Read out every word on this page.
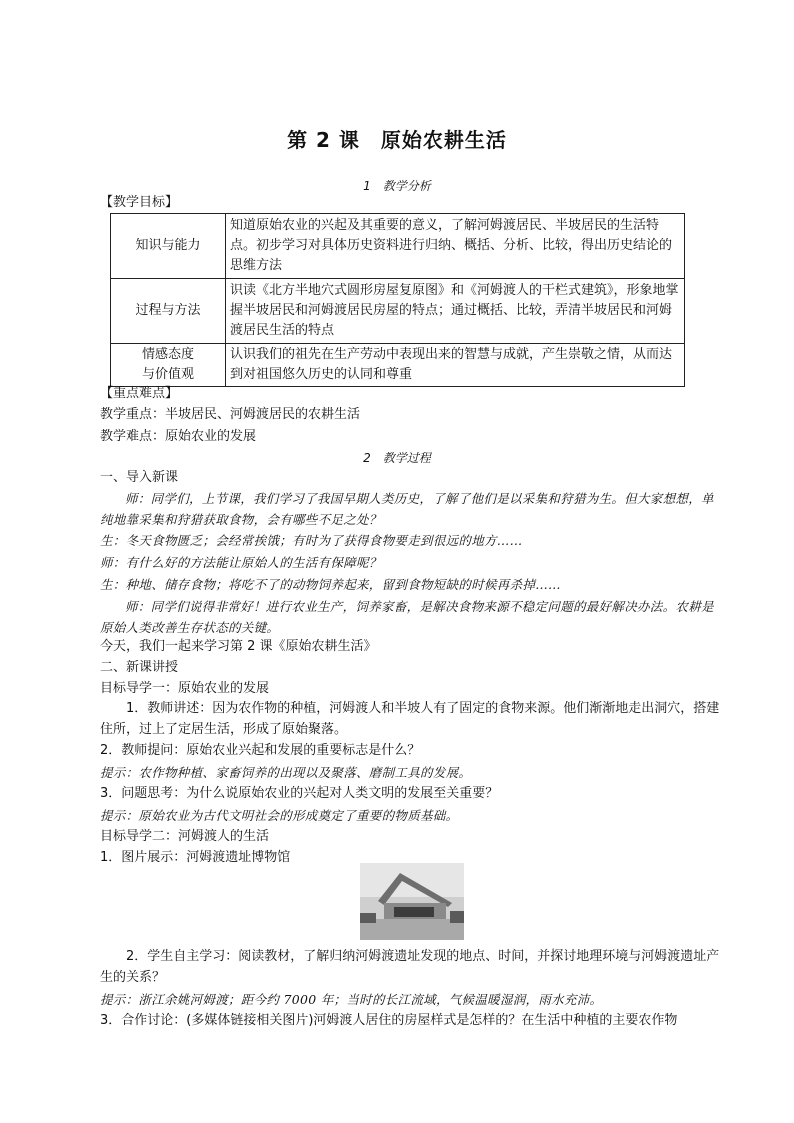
第 2 课　原始农耕生活
1　教学分析
【教学目标】
知识与能力	知道原始农业的兴起及其重要的意义，了解河姆渡居民、半坡居民的生活特点。初步学习对具体历史资料进行归纳、概括、分析、比较，得出历史结论的思维方法
过程与方法	识读《北方半地穴式圆形房屋复原图》和《河姆渡人的干栏式建筑》，形象地掌握半坡居民和河姆渡居民房屋的特点；通过概括、比较，弄清半坡居民和河姆渡居民生活的特点

情感态度
与价值观	认识我们的祖先在生产劳动中表现出来的智慧与成就，产生崇敬之情，从而达到对祖国悠久历史的认同和尊重
【重点难点】
教学重点：半坡居民、河姆渡居民的农耕生活
教学难点：原始农业的发展
2　教学过程
一、导入新课
师：同学们，上节课，我们学习了我国早期人类历史，了解了他们是以采集和狩猎为生。但大家想想，单纯地靠采集和狩猎获取食物，会有哪些不足之处？
生：冬天食物匮乏；会经常挨饿；有时为了获得食物要走到很远的地方……
师：有什么好的方法能让原始人的生活有保障呢？
生：种地、储存食物；将吃不了的动物饲养起来，留到食物短缺的时候再杀掉……
师：同学们说得非常好！进行农业生产，饲养家畜，是解决食物来源不稳定问题的最好解决办法。农耕是原始人类改善生存状态的关键。
今天，我们一起来学习第 2 课《原始农耕生活》
二、新课讲授
目标导学一：原始农业的发展
1．教师讲述：因为农作物的种植，河姆渡人和半坡人有了固定的食物来源。他们渐渐地走出洞穴，搭建住所，过上了定居生活，形成了原始聚落。
2．教师提问：原始农业兴起和发展的重要标志是什么？
提示：农作物种植、家畜饲养的出现以及聚落、磨制工具的发展。
3．问题思考：为什么说原始农业的兴起对人类文明的发展至关重要？
提示：原始农业为古代文明社会的形成奠定了重要的物质基础。
目标导学二：河姆渡人的生活
1．图片展示：河姆渡遗址博物馆
2．学生自主学习：阅读教材，了解归纳河姆渡遗址发现的地点、时间，并探讨地理环境与河姆渡遗址产生的关系？
提示：浙江余姚河姆渡；距今约 7000 年；当时的长江流域，气候温暖湿润，雨水充沛。
3．合作讨论：(多媒体链接相关图片)河姆渡人居住的房屋样式是怎样的？在生活中种植的主要农作物
